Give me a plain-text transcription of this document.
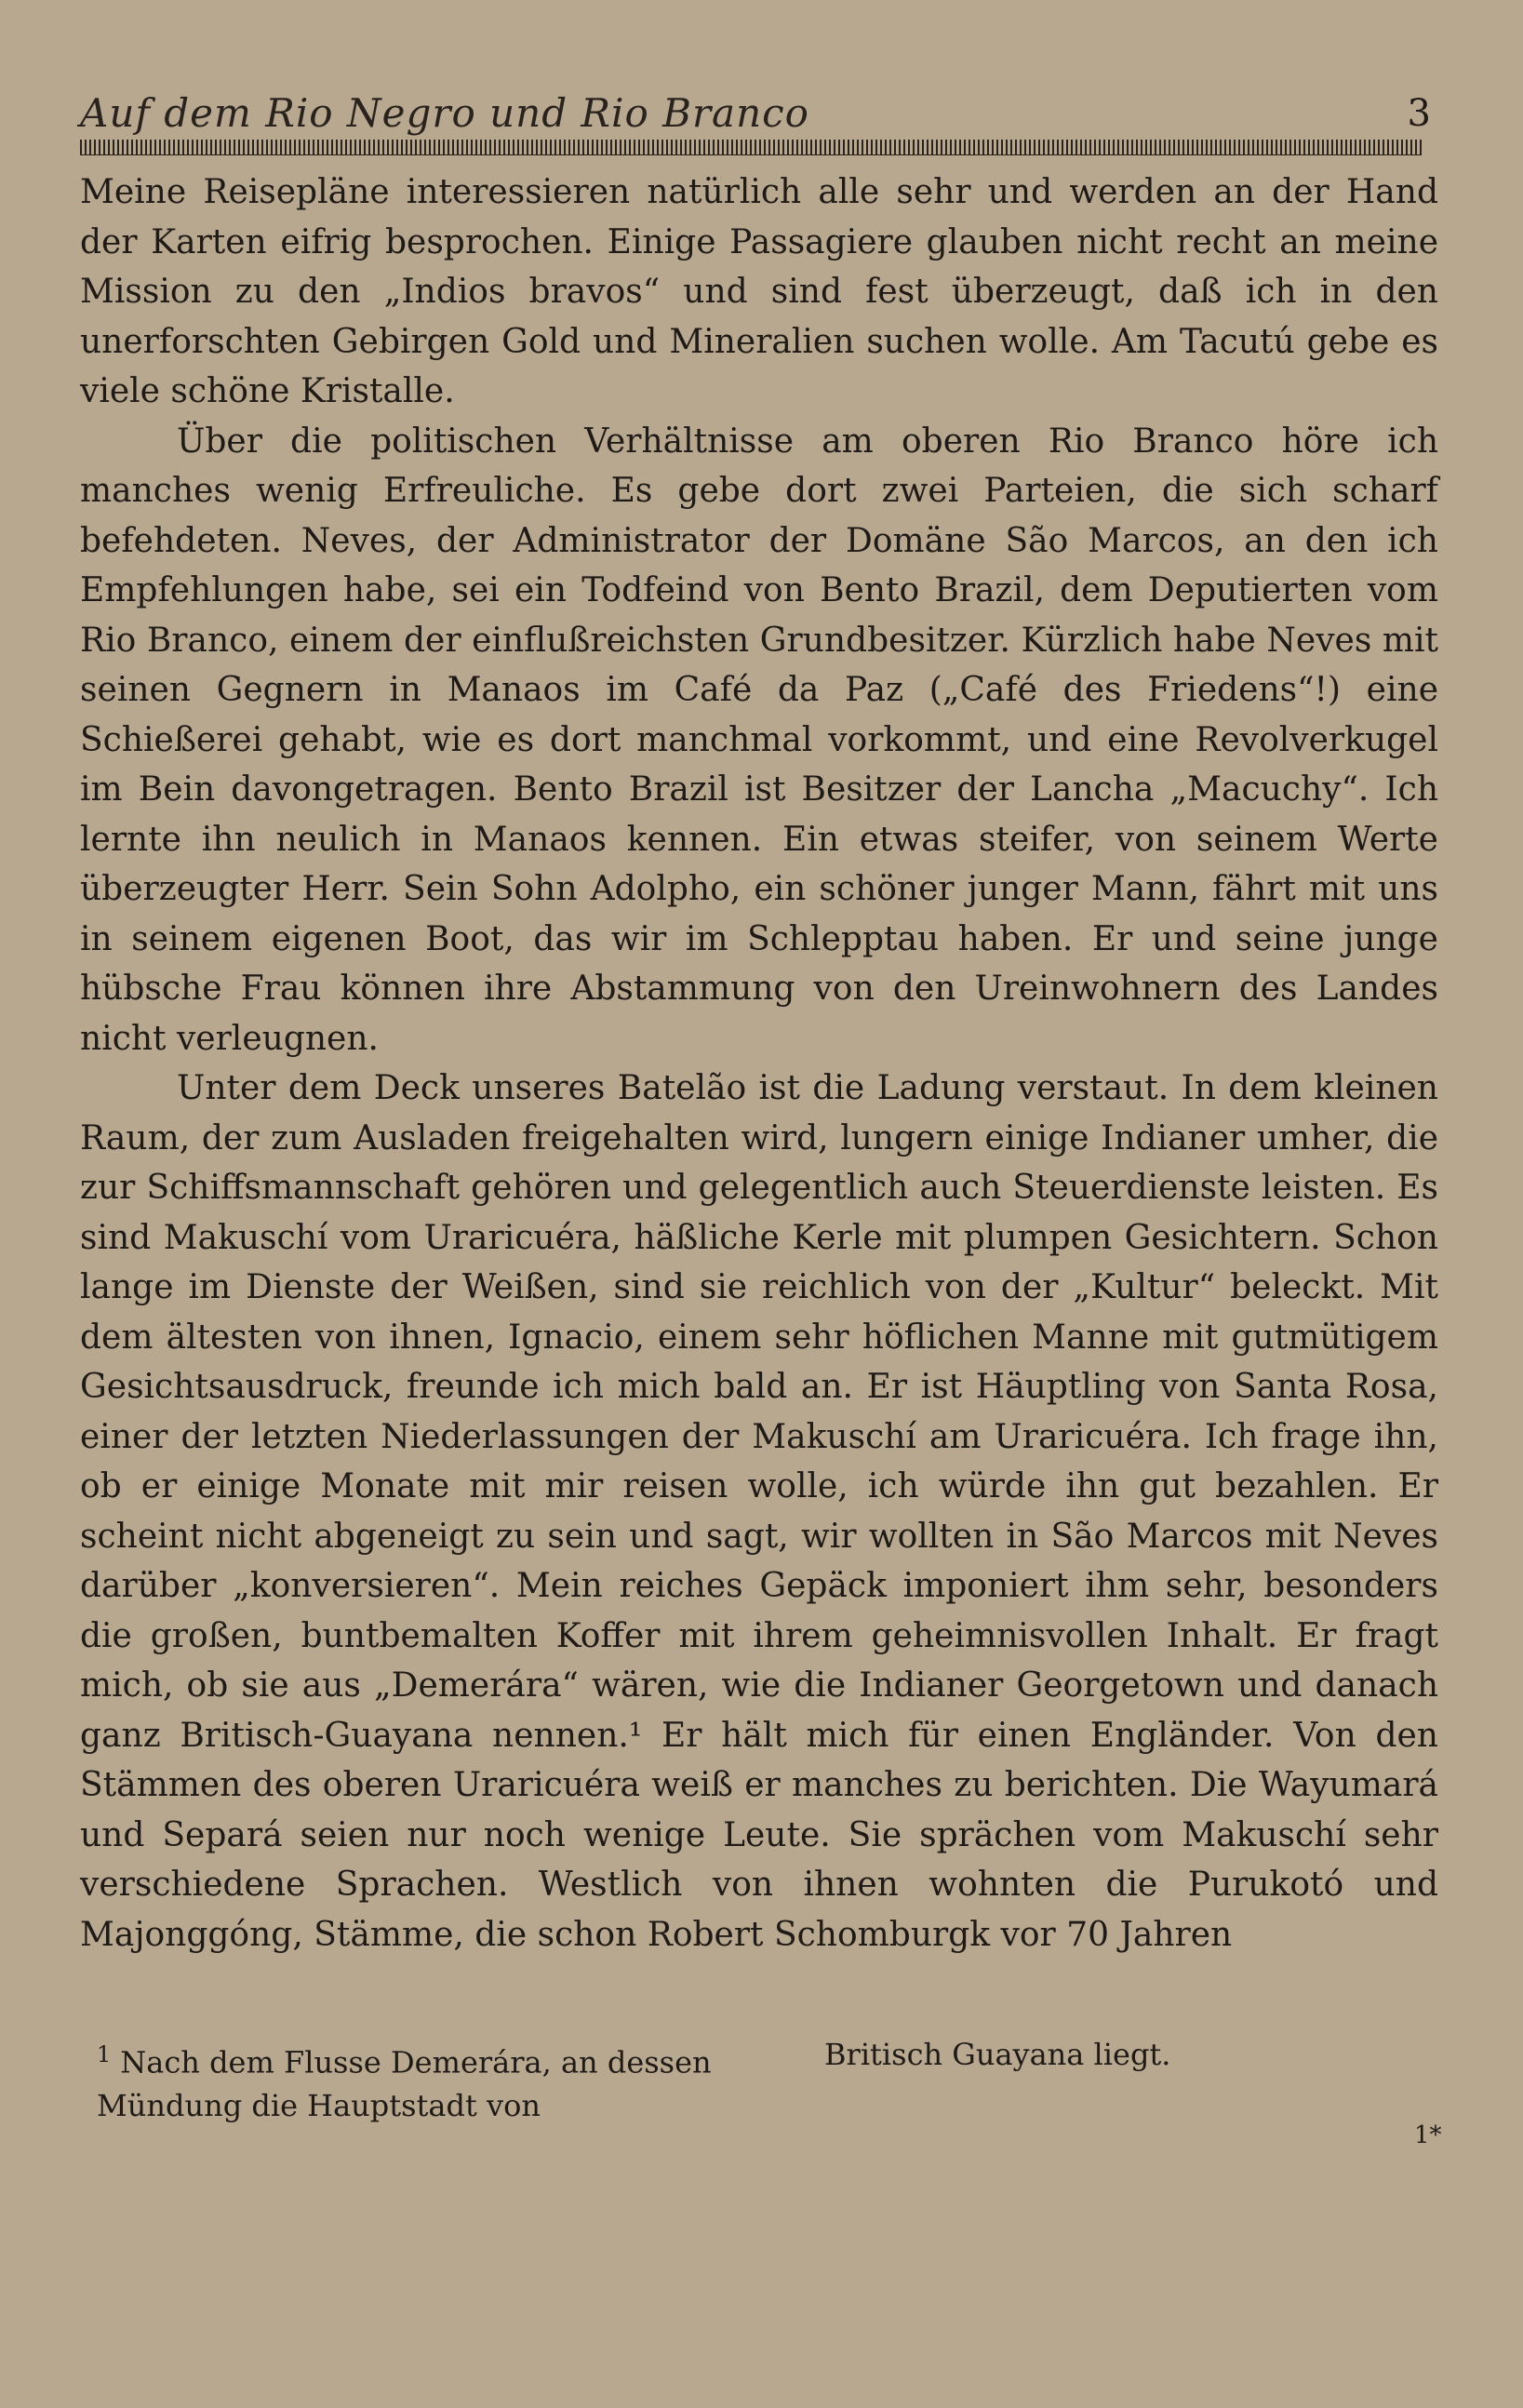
Auf dem Rio Negro und Rio Branco	3

Meine Reisepläne interessieren natürlich alle sehr und werden an der Hand der Karten eifrig besprochen. Einige Passagiere glauben nicht recht an meine Mission zu den „Indios bravos“ und sind fest überzeugt, daß ich in den unerforschten Gebirgen Gold und Mineralien suchen wolle. Am Tacutú gebe es viele schöne Kristalle.

Über die politischen Verhältnisse am oberen Rio Branco höre ich manches wenig Erfreuliche. Es gebe dort zwei Parteien, die sich scharf befehdeten. Neves, der Administrator der Domäne São Marcos, an den ich Empfehlungen habe, sei ein Todfeind von Bento Brazil, dem Deputierten vom Rio Branco, einem der einflußreichsten Grundbesitzer. Kürzlich habe Neves mit seinen Gegnern in Manaos im Café da Paz („Café des Friedens“!) eine Schießerei gehabt, wie es dort manchmal vorkommt, und eine Revolverkugel im Bein davongetragen. Bento Brazil ist Besitzer der Lancha „Macuchy“. Ich lernte ihn neulich in Manaos kennen. Ein etwas steifer, von seinem Werte überzeugter Herr. Sein Sohn Adolpho, ein schöner junger Mann, fährt mit uns in seinem eigenen Boot, das wir im Schlepptau haben. Er und seine junge hübsche Frau können ihre Abstammung von den Ureinwohnern des Landes nicht verleugnen.

Unter dem Deck unseres Batelão ist die Ladung verstaut. In dem kleinen Raum, der zum Ausladen freigehalten wird, lungern einige Indianer umher, die zur Schiffsmannschaft gehören und gelegentlich auch Steuerdienste leisten. Es sind Makuschí vom Uraricuéra, häßliche Kerle mit plumpen Gesichtern. Schon lange im Dienste der Weißen, sind sie reichlich von der „Kultur“ beleckt. Mit dem ältesten von ihnen, Ignacio, einem sehr höflichen Manne mit gutmütigem Gesichtsausdruck, freunde ich mich bald an. Er ist Häuptling von Santa Rosa, einer der letzten Niederlassungen der Makuschí am Uraricuéra. Ich frage ihn, ob er einige Monate mit mir reisen wolle, ich würde ihn gut bezahlen. Er scheint nicht abgeneigt zu sein und sagt, wir wollten in São Marcos mit Neves darüber „konversieren“. Mein reiches Gepäck imponiert ihm sehr, besonders die großen, buntbemalten Koffer mit ihrem geheimnisvollen Inhalt. Er fragt mich, ob sie aus „Demerára“ wären, wie die Indianer Georgetown und danach ganz Britisch-Guayana nennen.¹ Er hält mich für einen Engländer. Von den Stämmen des oberen Uraricuéra weiß er manches zu berichten. Die Wayumará und Separá seien nur noch wenige Leute. Sie sprächen vom Makuschí sehr verschiedene Sprachen. Westlich von ihnen wohnten die Purukotó und Majonggóng, Stämme, die schon Robert Schomburgk vor 70 Jahren

$^1$ Nach dem Flusse Demerára, an dessen Mündung die Hauptstadt von
Britisch Guayana liegt.
1*
